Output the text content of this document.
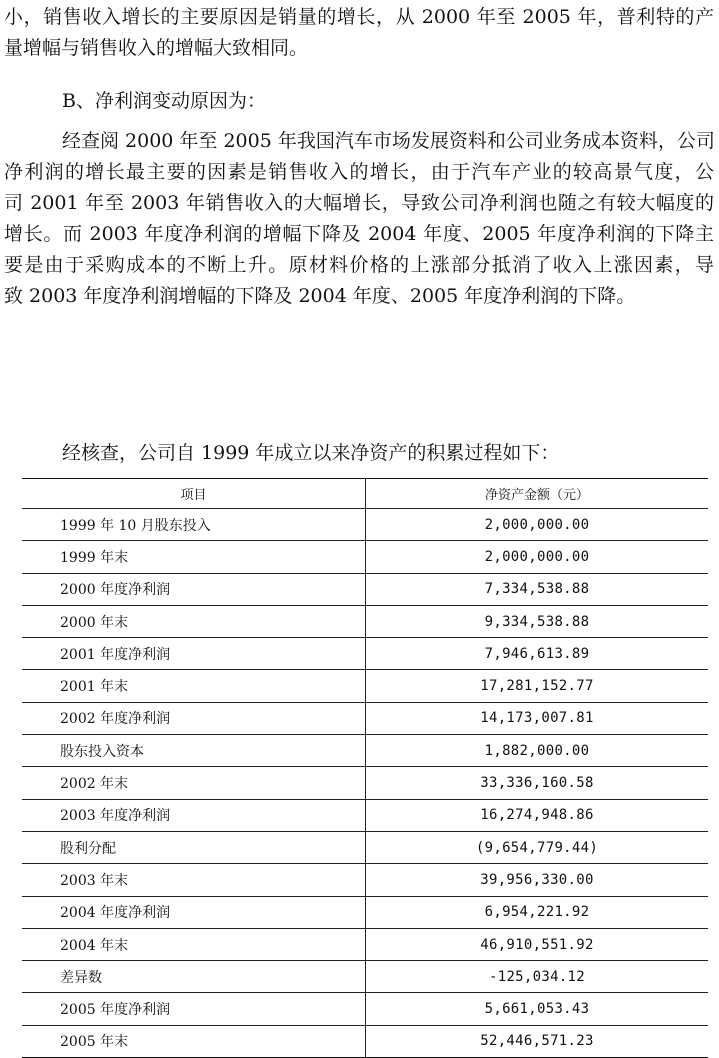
小，销售收入增长的主要原因是销量的增长，从 2000 年至 2005 年，普利特的产
量增幅与销售收入的增幅大致相同。

B、净利润变动原因为：

经查阅 2000 年至 2005 年我国汽车市场发展资料和公司业务成本资料，公司
净利润的增长最主要的因素是销售收入的增长，由于汽车产业的较高景气度，公
司 2001 年至 2003 年销售收入的大幅增长，导致公司净利润也随之有较大幅度的
增长。而 2003 年度净利润的增幅下降及 2004 年度、2005 年度净利润的下降主
要是由于采购成本的不断上升。原材料价格的上涨部分抵消了收入上涨因素，导
致 2003 年度净利润增幅的下降及 2004 年度、2005 年度净利润的下降。

经核查，公司自 1999 年成立以来净资产的积累过程如下：
项目	净资产金额（元）
1999 年 10 月股东投入	2,000,000.00
1999 年末	2,000,000.00
2000 年度净利润	7,334,538.88
2000 年末	9,334,538.88
2001 年度净利润	7,946,613.89
2001 年末	17,281,152.77
2002 年度净利润	14,173,007.81
股东投入资本	1,882,000.00
2002 年末	33,336,160.58
2003 年度净利润	16,274,948.86
股利分配	(9,654,779.44)
2003 年末	39,956,330.00
2004 年度净利润	6,954,221.92
2004 年末	46,910,551.92
差异数	-125,034.12
2005 年度净利润	5,661,053.43
2005 年末	52,446,571.23
